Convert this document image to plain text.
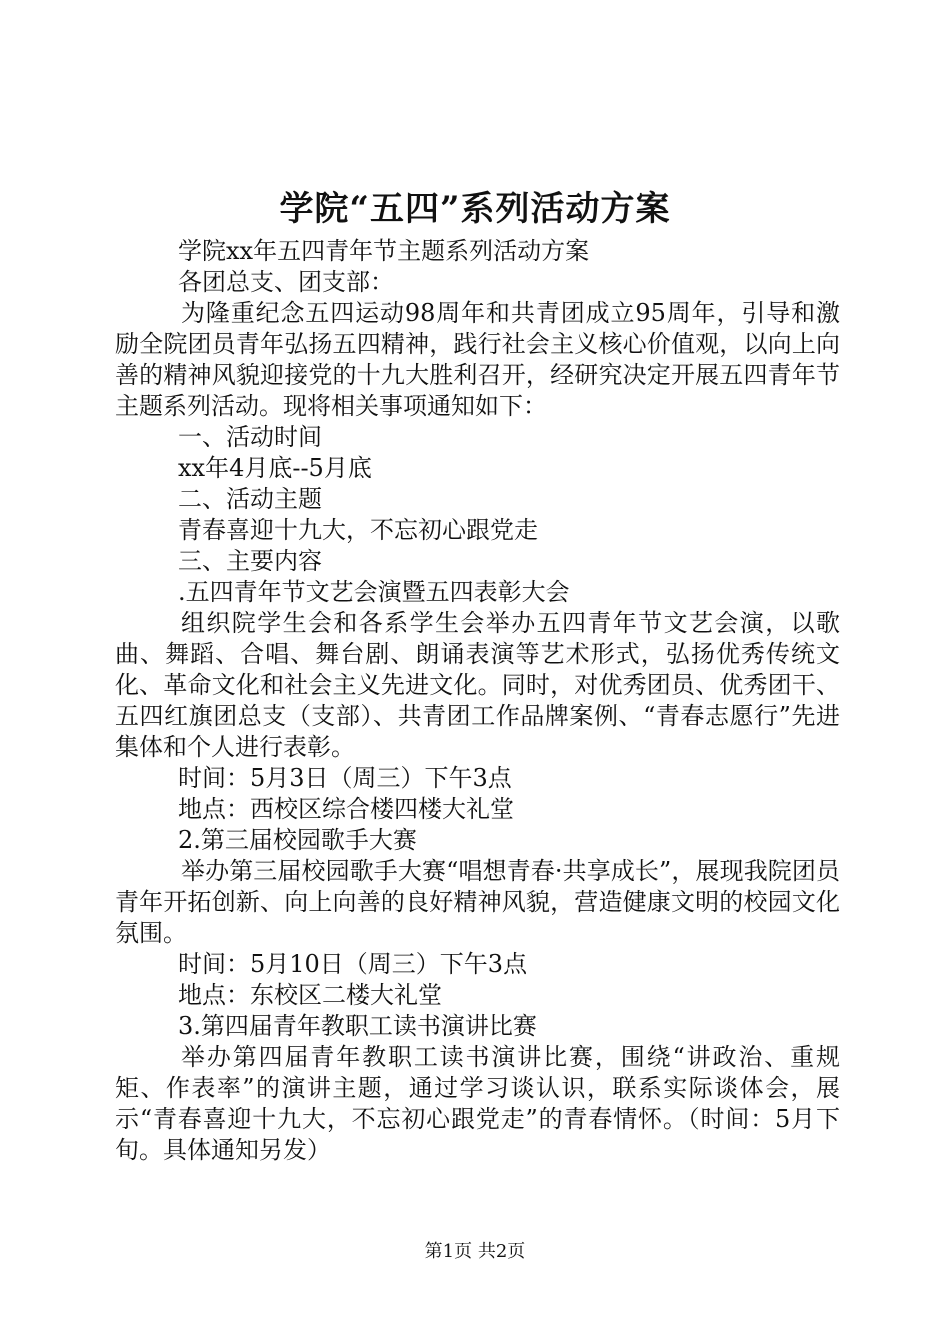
学院“五四”系列活动方案

学院xx年五四青年节主题系列活动方案

各团总支、团支部：

为隆重纪念五四运动98周年和共青团成立95周年，引导和激励全院团员青年弘扬五四精神，践行社会主义核心价值观，以向上向善的精神风貌迎接党的十九大胜利召开，经研究决定开展五四青年节主题系列活动。现将相关事项通知如下：

一、活动时间

xx年4月底--5月底

二、活动主题

青春喜迎十九大，不忘初心跟党走

三、主要内容

.五四青年节文艺会演暨五四表彰大会

组织院学生会和各系学生会举办五四青年节文艺会演，以歌曲、舞蹈、合唱、舞台剧、朗诵表演等艺术形式，弘扬优秀传统文化、革命文化和社会主义先进文化。同时，对优秀团员、优秀团干、五四红旗团总支（支部）、共青团工作品牌案例、“青春志愿行”先进集体和个人进行表彰。

时间：5月3日（周三）下午3点

地点：西校区综合楼四楼大礼堂

2.第三届校园歌手大赛

举办第三届校园歌手大赛“唱想青春·共享成长”，展现我院团员青年开拓创新、向上向善的良好精神风貌，营造健康文明的校园文化氛围。

时间：5月10日（周三）下午3点

地点：东校区二楼大礼堂

3.第四届青年教职工读书演讲比赛

举办第四届青年教职工读书演讲比赛，围绕“讲政治、重规矩、作表率”的演讲主题，通过学习谈认识，联系实际谈体会，展示“青春喜迎十九大，不忘初心跟党走”的青春情怀。（时间：5月下旬。具体通知另发）

第1页 共2页
